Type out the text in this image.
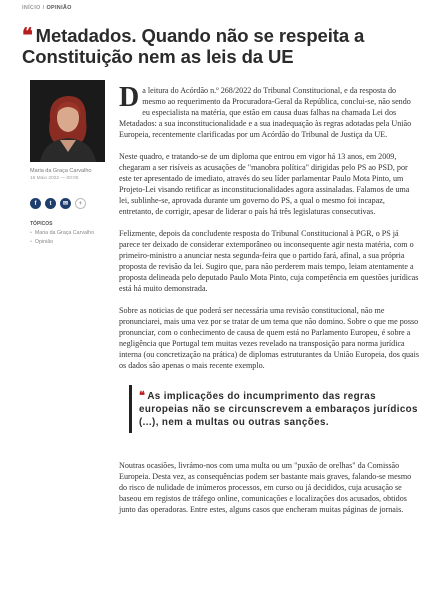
INÍCIO / OPINIÃO
❝ Metadados. Quando não se respeita a Constituição nem as leis da UE
Maria da Graça Carvalho
16 Maio 2022 — 00:05
f	t	✉	+
TÓPICOS
• Maria da Graça Carvalho
• Opinião

Da leitura do Acórdão n.º 268/2022 do Tribunal Constitucional, e da resposta do mesmo ao requerimento da Procuradora-Geral da República, conclui-se, não sendo eu especialista na matéria, que estão em causa duas falhas na chamada Lei dos Metadados: a sua inconstitucionalidade e a sua inadequação às regras adotadas pela União Europeia, recentemente clarificadas por um Acórdão do Tribunal de Justiça da UE.

Neste quadro, e tratando-se de um diploma que entrou em vigor há 13 anos, em 2009, chegaram a ser risíveis as acusações de "manobra política" dirigidas pelo PS ao PSD, por este ter apresentado de imediato, através do seu líder parlamentar Paulo Mota Pinto, um Projeto-Lei visando retificar as inconstitucionalidades agora assinaladas. Falamos de uma lei, sublinhe-se, aprovada durante um governo do PS, a qual o mesmo foi incapaz, entretanto, de corrigir, apesar de liderar o país há três legislaturas consecutivas.

Felizmente, depois da concludente resposta do Tribunal Constitucional à PGR, o PS já parece ter deixado de considerar extemporâneo ou inconsequente agir nesta matéria, com o primeiro-ministro a anunciar nesta segunda-feira que o partido fará, afinal, a sua própria proposta de revisão da lei. Sugiro que, para não perderem mais tempo, leiam atentamente a proposta delineada pelo deputado Paulo Mota Pinto, cuja competência em questões jurídicas está há muito demonstrada.

Sobre as noticias de que poderá ser necessária uma revisão constitucional, não me pronunciarei, mais uma vez por se tratar de um tema que não domino. Sobre o que me posso pronunciar, com o conhecimento de causa de quem está no Parlamento Europeu, é sobre a negligência que Portugal tem muitas vezes revelado na transposição para norma jurídica interna (ou concretização na prática) de diplomas estruturantes da União Europeia, dos quais os dados são apenas o mais recente exemplo.

❝ As implicações do incumprimento das regras europeias não se circunscrevem a embaraços jurídicos (...), nem a multas ou outras sanções.

Noutras ocasiões, livrámo-nos com uma multa ou um "puxão de orelhas" da Comissão Europeia. Desta vez, as consequências podem ser bastante mais graves, falando-se mesmo do risco de nulidade de inúmeros processos, em curso ou já decididos, cuja acusação se baseou em registos de tráfego online, comunicações e localizações dos acusados, obtidos junto das operadoras. Entre estes, alguns casos que encheram muitas páginas de jornais.
